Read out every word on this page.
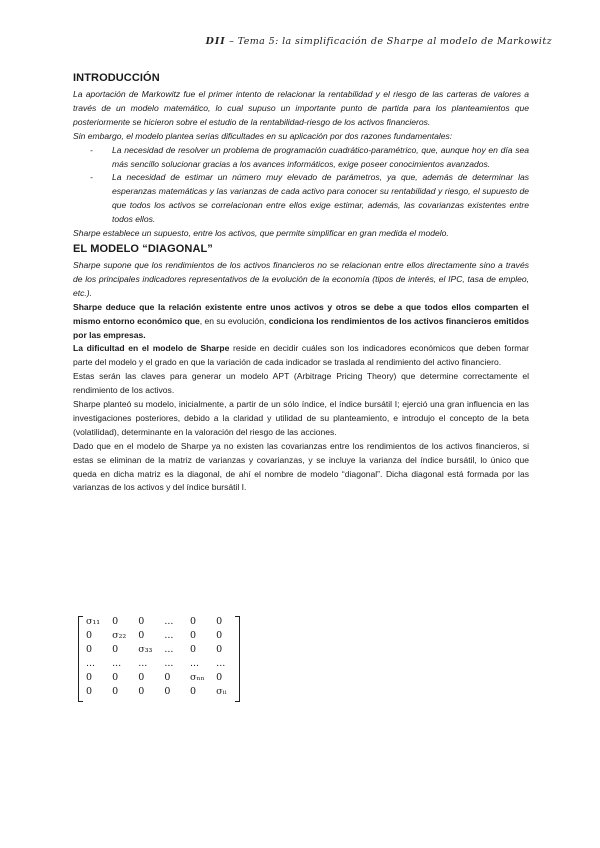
DII – Tema 5: la simplificación de Sharpe al modelo de Markowitz
INTRODUCCIÓN

La aportación de Markowitz fue el primer intento de relacionar la rentabilidad y el riesgo de las carteras de valores a través de un modelo matemático, lo cual supuso un importante punto de partida para los planteamientos que posteriormente se hicieron sobre el estudio de la rentabilidad-riesgo de los activos financieros.

Sin embargo, el modelo plantea serias dificultades en su aplicación por dos razones fundamentales:

- La necesidad de resolver un problema de programación cuadrático-paramétrico, que, aunque hoy en día sea más sencillo solucionar gracias a los avances informáticos, exige poseer conocimientos avanzados.
- La necesidad de estimar un número muy elevado de parámetros, ya que, además de determinar las esperanzas matemáticas y las varianzas de cada activo para conocer su rentabilidad y riesgo, el supuesto de que todos los activos se correlacionan entre ellos exige estimar, además, las covarianzas existentes entre todos ellos.

Sharpe establece un supuesto, entre los activos, que permite simplificar en gran medida el modelo.

EL MODELO “DIAGONAL”

Sharpe supone que los rendimientos de los activos financieros no se relacionan entre ellos directamente sino a través de los principales indicadores representativos de la evolución de la economía (tipos de interés, el IPC, tasa de empleo, etc.).

Sharpe deduce que la relación existente entre unos activos y otros se debe a que todos ellos comparten el mismo entorno económico que, en su evolución, condiciona los rendimientos de los activos financieros emitidos por las empresas.

La dificultad en el modelo de Sharpe reside en decidir cuáles son los indicadores económicos que deben formar parte del modelo y el grado en que la variación de cada indicador se traslada al rendimiento del activo financiero.

Estas serán las claves para generar un modelo APT (Arbitrage Pricing Theory) que determine correctamente el rendimiento de los activos.

Sharpe planteó su modelo, inicialmente, a partir de un sólo índice, el índice bursátil I; ejerció una gran influencia en las investigaciones posteriores, debido a la claridad y utilidad de su planteamiento, e introdujo el concepto de la beta (volatilidad), determinante en la valoración del riesgo de las acciones.

Dado que en el modelo de Sharpe ya no existen las covarianzas entre los rendimientos de los activos financieros, si estas se eliminan de la matriz de varianzas y covarianzas, y se incluye la varianza del índice bursátil, lo único que queda en dicha matriz es la diagonal, de ahí el nombre de modelo “diagonal”. Dicha diagonal está formada por las varianzas de los activos y del índice bursátil I.

σ₁₁	0	0	...	0	0
0	σ₂₂	0	...	0	0
0	0	σ₃₃	...	0	0
...	...	...	...	...	...
0	0	0	0	σₙₙ	0
0	0	0	0	0	σᵢᵢ
